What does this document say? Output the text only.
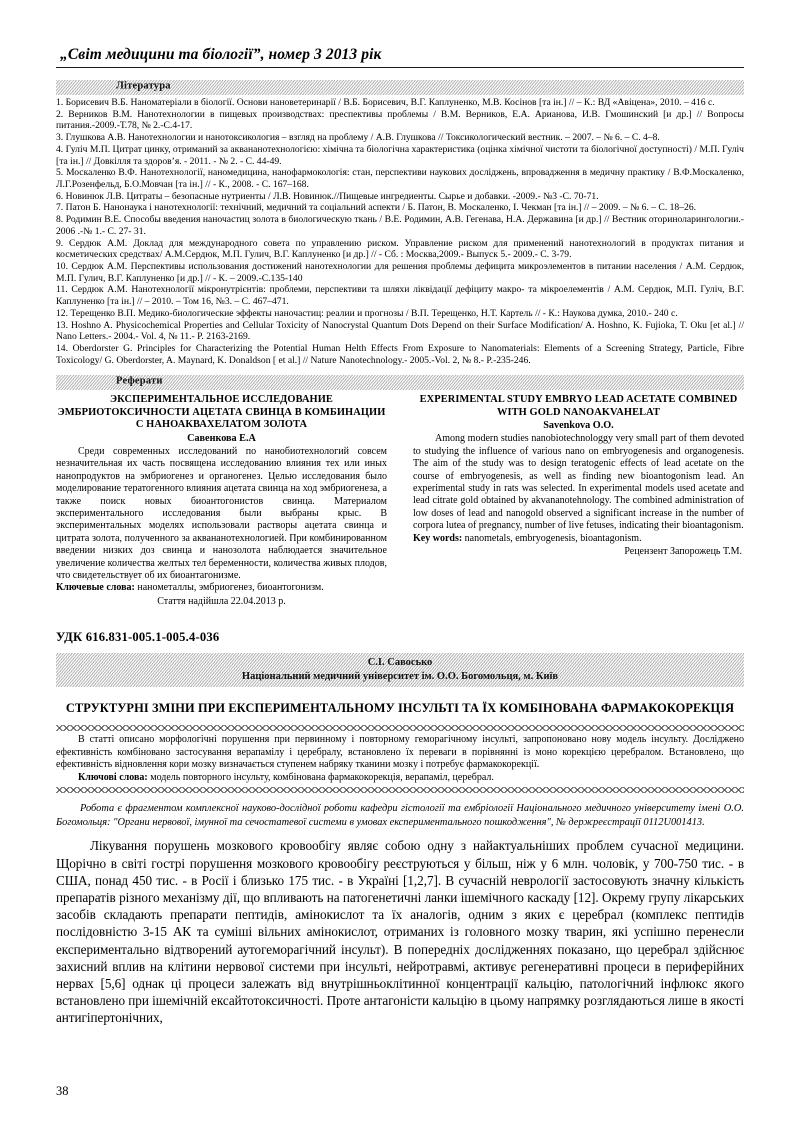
„Світ медицини та біології”, номер 3 2013 рік
Література

1. Борисевич В.Б. Наноматеріали в біології. Основи нановетеринарії / В.Б. Борисевич, В.Г. Каплуненко, М.В. Косінов [та ін.] // – К.: ВД «Авіцена», 2010. – 416 с.

2. Верников В.М. Нанотехнологии в пищевых производствах: преспективы проблемы / В.М. Верников, Е.А. Арианова, И.В. Гмошинский [и др.] // Вопросы питания.-2009.-Т.78, № 2.-С.4-17.

3. Глушкова А.В. Нанотехнологии и нанотоксикология – взгляд на проблему / А.В. Глушкова // Токсикологический вестник. – 2007. – № 6. – С. 4–8.

4. Гуліч М.П. Цитрат цинку, отриманий за аквананотехнологією: хімічна та біологічна характеристика (оцінка хімічної чистоти та біологічної доступності) / М.П. Гуліч [та ін.] // Довкілля та здоров’я. - 2011. - № 2. - С. 44-49.

5. Москаленко В.Ф. Нанотехнології, наномедицина, нанофармокологія: стан, перспективи наукових досліджень, впровадження в медичну практику / В.Ф.Москаленко, Л.Г.Розенфельд, Б.О.Мовчан [та ін.] // - К., 2008. - С. 167–168.

6. Новинюк Л.В. Цитраты – безопасные нутриенты / Л.В. Новинюк.//Пищевые ингредиенты. Сырье и добавки. -2009.- №3 -С. 70-71.

7. Патон Б. Нанонаука і нанотехнології: технічний, медичний та соціальний аспекти / Б. Патон, В. Москаленко, І. Чекман [та ін.] // – 2009. – № 6. – С. 18–26.

8. Родимин В.Е. Способы введения наночастиц золота в биологическую ткань / В.Е. Родимин, А.В. Гегенава, Н.А. Державина [и др.] // Вестник оториноларингологии.- 2006 .-№ 1.- С. 27- 31.

9. Сердюк А.М. Доклад для международного совета по управлению риском. Управление риском для применений нанотехнологий в продуктах питания и косметических средствах/ А.М.Сердюк, М.П. Гулич, В.Г. Каплуненко [и др.] // - Сб. : Москва,2009.- Выпуск 5.- 2009.- С. 3-79.

10. Сердюк А.М. Перспективы использования достижений нанотехнологии для решения проблемы дефицита микроэлементов в питании населения / А.М. Сердюк, М.П. Гулич, В.Г. Каплуненко [и др.] // - К. – 2009.-С.135-140

11. Сердюк А.М. Нанотехнології мікронутрієнтів: проблеми, перспективи та шляхи ліквідації дефіциту макро- та мікроелементів / А.М. Сердюк, М.П. Гуліч, В.Г. Каплуненко [та ін.] // – 2010. – Том 16, №3. – С. 467–471.

12. Терещенко В.П. Медико-биологические эффекты наночастиц: реалии и прогнозы / В.П. Терещенко, Н.Т. Картель // - К.: Наукова думка, 2010.- 240 с.

13. Hoshno A. Physicochemical Properties and Cellular Toxicity of Nanocrystal Quantum Dots Depend on their Surface Modification/ A. Hoshno, K. Fujioka, T. Oku [et al.] // Nano Letters.- 2004.- Vol. 4, № 11.- P. 2163-2169.

14. Oberdorster G. Principles for Characterizing the Potential Human Helth Effects From Exposure to Nanomaterials: Elements of a Screening Strategy, Particle, Fibre Toxicology/ G. Oberdorster, A. Maynard, K. Donaldson [ et al.] // Nature Nanotechnology.- 2005.-Vol. 2, № 8.- P.-235-246.

Реферати

ЭКСПЕРИМЕНТАЛЬНОЕ ИССЛЕДОВАНИЕ ЭМБРИОТОКСИЧНОСТИ АЦЕТАТА СВИНЦА В КОМБИНАЦИИ С НАНОАКВАХЕЛАТОМ ЗОЛОТА

Савенкова Е.А

Среди современных исследований по нанобиотехнологий совсем незначительная их часть посвящена исследованию влияния тех или иных нанопродуктов на эмбриогенез и органогенез. Целью исследования было моделирование тератогенного влияния ацетата свинца на ход эмбриогенеза, а также поиск новых биоантогонистов свинца. Материалом экспериментального исследования были выбраны крыс. В экспериментальных моделях использовали растворы ацетата свинца и цитрата золота, полученного за аквананотехнологией. При комбинированном введении низких доз свинца и нанозолота наблюдается значительное увеличение количества желтых тел беременности, количества живых плодов, что свидетельствует об их биоантагонизме.

Ключевые слова: нанометаллы, эмбриогенез, биоантогонизм.

Стаття надійшла 22.04.2013 р.

EXPERIMENTAL STUDY EMBRYO LEAD ACETATE COMBINED WITH GOLD NANOAKVAHELAT

Savenkova O.O.

Among modern studies nanobiotechnologgy very small part of them devoted to studying the influence of various nano on embryogenesis and organogenesis. The aim of the study was to design teratogenic effects of lead acetate on the course of embryogenesis, as well as finding new bioantogonism lead. An experimental study in rats was selected. In experimental models used acetate and lead citrate gold obtained by akvananotehnology. The combined administration of low doses of lead and nanogold observed a significant increase in the number of corpora lutea of pregnancy, number of live fetuses, indicating their bioantagonism.

Key words: nanometals, embryogenesis, bioantagonism.

Рецензент Запорожець Т.М.

УДК 616.831-005.1-005.4-036
С.І. Савосько
Національний медичний університет ім. О.О. Богомольця, м. Київ
СТРУКТУРНІ ЗМІНИ ПРИ ЕКСПЕРИМЕНТАЛЬНОМУ ІНСУЛЬТІ ТА ЇХ КОМБІНОВАНА ФАРМАКОКОРЕКЦІЯ

В статті описано морфологічні порушення при первинному і повторному геморагічному інсульті, запропоновано нову модель інсульту. Досліджено ефективність комбіновано застосування верапамілу і церебралу, встановлено їх переваги в порівнянні із моно корекцією церебралом. Встановлено, що ефективність відновлення кори мозку визначається ступенем набряку тканини мозку і потребує фармакокорекції.

Ключові слова: модель повторного інсульту, комбінована фармакокорекція, верапаміл, церебрал.

Робота є фрагментом комплексної науково-дослідної роботи кафедри гістології та ембріології Національного медичного університету імені О.О. Богомольця: "Органи нервової, імунної та сечостатевої системи в умовах експериментального пошкодження", № держреєстрації 0112U001413.
Лікування порушень мозкового кровообігу являє собою одну з найактуальніших проблем сучасної медицини. Щорічно в світі гострі порушення мозкового кровообігу реєструються у більш, ніж у 6 млн. чоловік, у 700-750 тис. - в США, понад 450 тис. - в Росії і близько 175 тис. - в Україні [1,2,7]. В сучасній неврології застосовують значну кількість препаратів різного механізму дії, що впливають на патогенетичні ланки ішемічного каскаду [12]. Окрему групу лікарських засобів складають препарати пептидів, амінокислот та їх аналогів, одним з яких є церебрал (комплекс пептидів послідовністю 3-15 АК та суміші вільних амінокислот, отриманих із головного мозку тварин, які успішно перенесли експериментально відтворений аутогеморагічний інсульт). В попередніх дослідженнях показано, що церебрал здійснює захисний вплив на клітини нервової системи при інсульті, нейротравмі, активує регенеративні процеси в периферійних нервах [5,6] однак ці процеси залежать від внутрішньоклітинної концентрації кальцію, патологічний інфлюкс якого встановлено при ішемічній ексайтотоксичності. Проте антагоністи кальцію в цьому напрямку розглядаються лише в якості антигіпертонічних,
38
